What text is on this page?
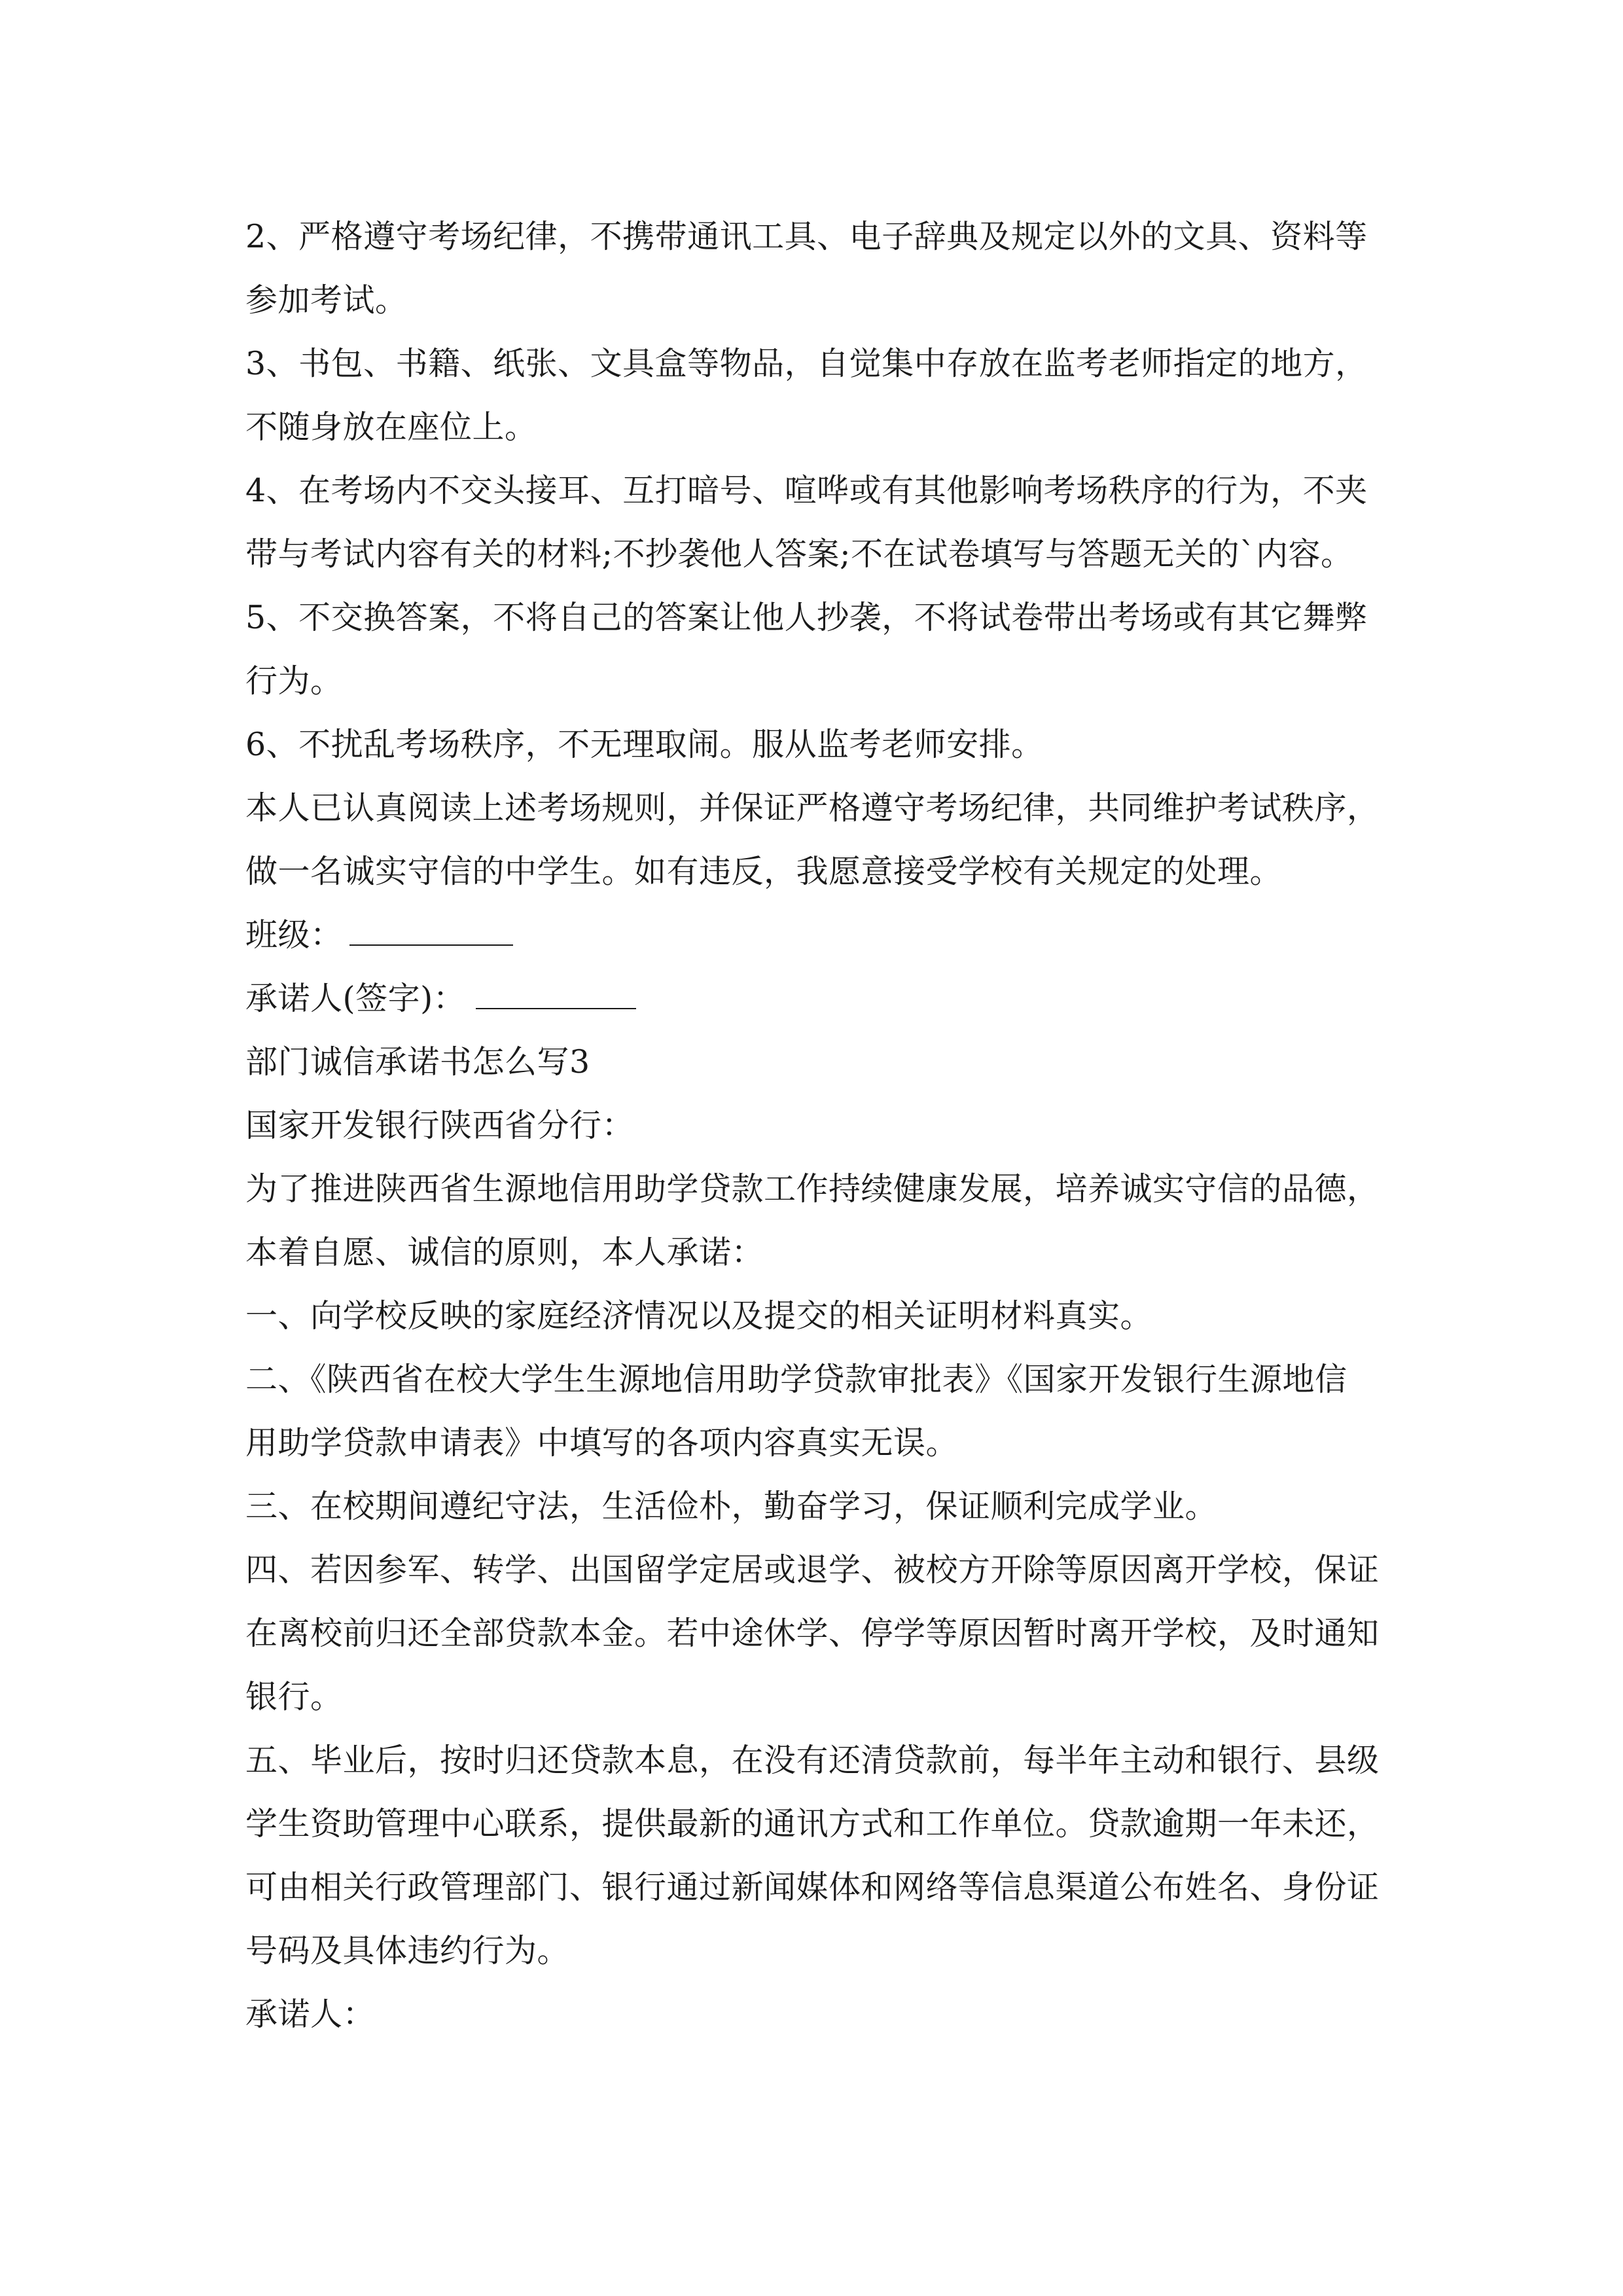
2、严格遵守考场纪律，不携带通讯工具、电子辞典及规定以外的文具、资料等
参加考试。
3、书包、书籍、纸张、文具盒等物品，自觉集中存放在监考老师指定的地方，
不随身放在座位上。
4、在考场内不交头接耳、互打暗号、喧哗或有其他影响考场秩序的行为，不夹
带与考试内容有关的材料;不抄袭他人答案;不在试卷填写与答题无关的`内容。
5、不交换答案，不将自己的答案让他人抄袭，不将试卷带出考场或有其它舞弊
行为。
6、不扰乱考场秩序，不无理取闹。服从监考老师安排。
本人已认真阅读上述考场规则，并保证严格遵守考场纪律，共同维护考试秩序，
做一名诚实守信的中学生。如有违反，我愿意接受学校有关规定的处理。
班级：
承诺人(签字)：
部门诚信承诺书怎么写3
国家开发银行陕西省分行：
为了推进陕西省生源地信用助学贷款工作持续健康发展，培养诚实守信的品德，
本着自愿、诚信的原则，本人承诺：
一、向学校反映的家庭经济情况以及提交的相关证明材料真实。
二、《陕西省在校大学生生源地信用助学贷款审批表》《国家开发银行生源地信
用助学贷款申请表》中填写的各项内容真实无误。
三、在校期间遵纪守法，生活俭朴，勤奋学习，保证顺利完成学业。
四、若因参军、转学、出国留学定居或退学、被校方开除等原因离开学校，保证
在离校前归还全部贷款本金。若中途休学、停学等原因暂时离开学校，及时通知
银行。
五、毕业后，按时归还贷款本息，在没有还清贷款前，每半年主动和银行、县级
学生资助管理中心联系，提供最新的通讯方式和工作单位。贷款逾期一年未还，
可由相关行政管理部门、银行通过新闻媒体和网络等信息渠道公布姓名、身份证
号码及具体违约行为。
承诺人：
